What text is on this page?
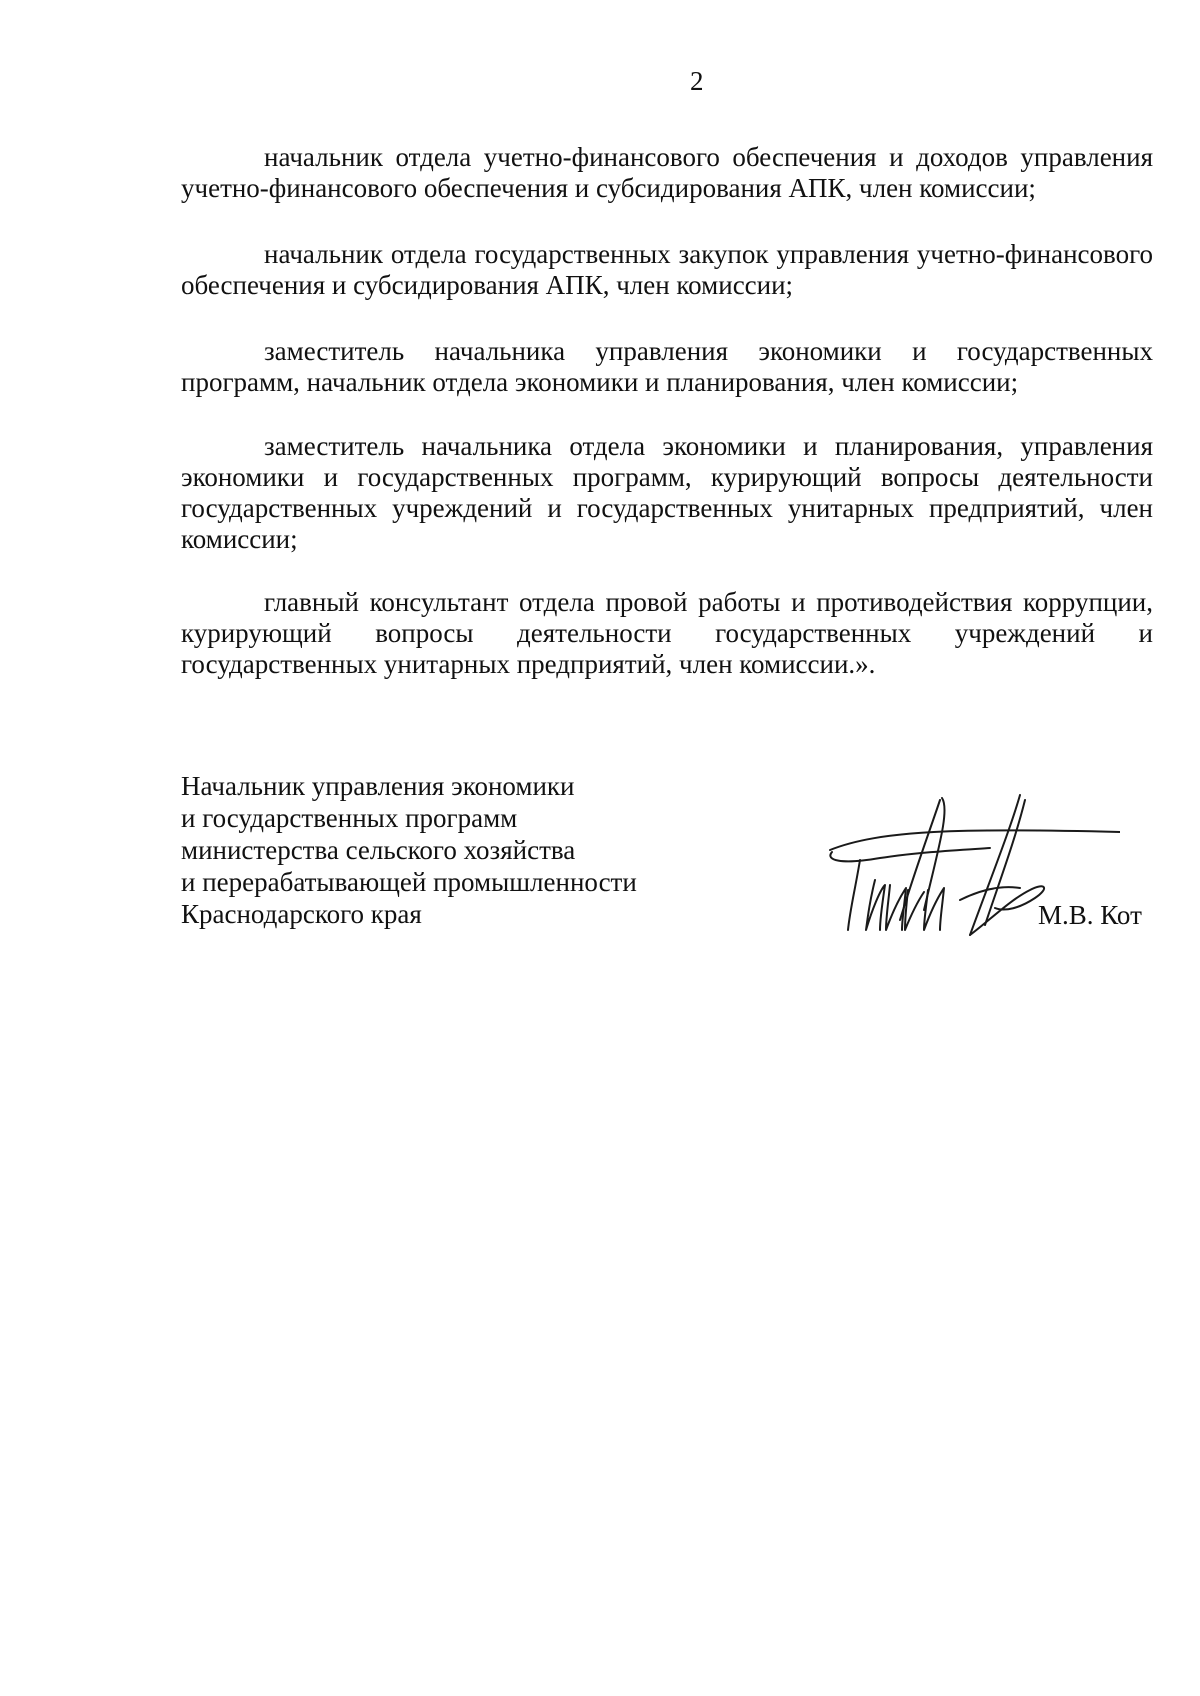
2

начальник отдела учетно-финансового обеспечения и доходов управления учетно-финансового обеспечения и субсидирования АПК, член комиссии;

начальник отдела государственных закупок управления учетно-финансового обеспечения и субсидирования АПК, член комиссии;

заместитель начальника управления экономики и государственных программ, начальник отдела экономики и планирования, член комиссии;

заместитель начальника отдела экономики и планирования, управления экономики и государственных программ, курирующий вопросы деятельности государственных учреждений и государственных унитарных предприятий, член комиссии;

главный консультант отдела провой работы и противодействия коррупции, курирующий вопросы деятельности государственных учреждений и государственных унитарных предприятий, член комиссии.».

Начальник управления экономики
и государственных программ
министерства сельского хозяйства
и перерабатывающей промышленности
Краснодарского края	М.В. Кот
